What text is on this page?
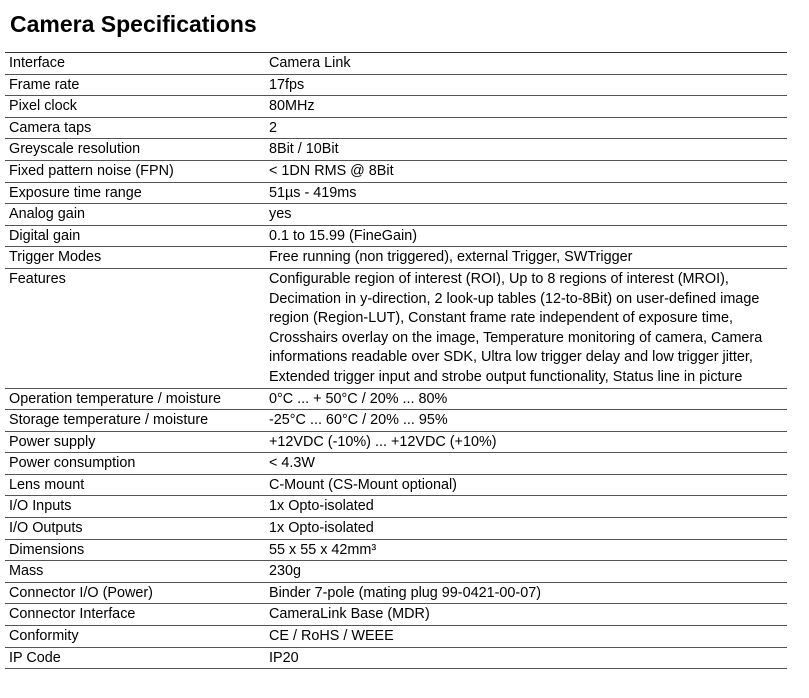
Camera Specifications
Interface	Camera Link
Frame rate	17fps
Pixel clock	80MHz
Camera taps	2
Greyscale resolution	8Bit / 10Bit
Fixed pattern noise (FPN)	< 1DN RMS @ 8Bit
Exposure time range	51µs - 419ms
Analog gain	yes
Digital gain	0.1 to 15.99 (FineGain)
Trigger Modes	Free running (non triggered), external Trigger, SWTrigger
Features	Configurable region of interest (ROI), Up to 8 regions of interest (MROI), Decimation in y-direction, 2 look-up tables (12-to-8Bit) on user-defined image region (Region-LUT), Constant frame rate independent of exposure time, Crosshairs overlay on the image, Temperature monitoring of camera, Camera informations readable over SDK, Ultra low trigger delay and low trigger jitter, Extended trigger input and strobe output functionality, Status line in picture
Operation temperature / moisture	0°C ... + 50°C / 20% ... 80%
Storage temperature / moisture	-25°C ... 60°C / 20% ... 95%
Power supply	+12VDC (-10%) ... +12VDC (+10%)
Power consumption	< 4.3W
Lens mount	C-Mount (CS-Mount optional)
I/O Inputs	1x Opto-isolated
I/O Outputs	1x Opto-isolated
Dimensions	55 x 55 x 42mm³
Mass	230g
Connector I/O (Power)	Binder 7-pole (mating plug 99-0421-00-07)
Connector Interface	CameraLink Base (MDR)
Conformity	CE / RoHS / WEEE
IP Code	IP20
